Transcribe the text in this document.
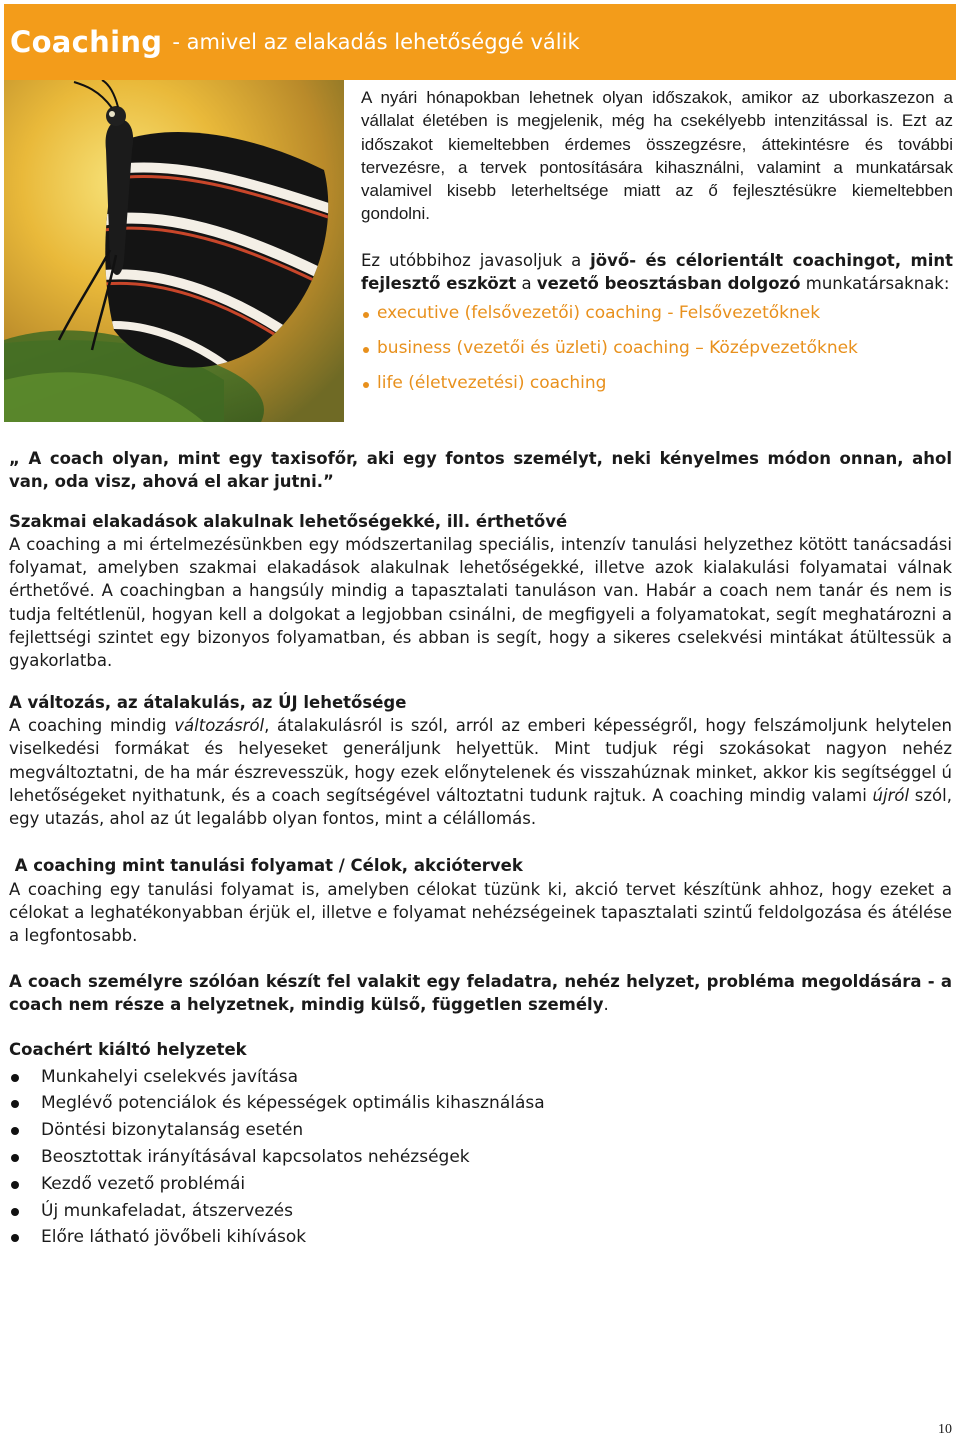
Coaching - amivel az elakadás lehetőséggé válik

A nyári hónapokban lehetnek olyan időszakok, amikor az uborkaszezon a vállalat életében is megjelenik, még ha csekélyebb intenzitással is. Ezt az időszakot kiemeltebben érdemes összegzésre, áttekintésre és további tervezésre, a tervek pontosítására kihasználni, valamint a munkatársak valamivel kisebb leterheltsége miatt az ő fejlesztésükre kiemeltebben gondolni.

Ez utóbbihoz javasoljuk a jövő- és célorientált coachingot, mint fejlesztő eszközt a vezető beosztásban dolgozó munkatársaknak:

executive (felsővezetői) coaching - Felsővezetőknek
business (vezetői és üzleti) coaching – Középvezetőknek
life (életvezetési) coaching

„ A coach olyan, mint egy taxisofőr, aki egy fontos személyt, neki kényelmes módon onnan, ahol van, oda visz, ahová el akar jutni.”

Szakmai elakadások alakulnak lehetőségekké, ill. érthetővé

A coaching a mi értelmezésünkben egy módszertanilag speciális, intenzív tanulási helyzethez kötött tanácsadási folyamat, amelyben szakmai elakadások alakulnak lehetőségekké, illetve azok kialakulási folyamatai válnak érthetővé. A coachingban a hangsúly mindig a tapasztalati tanuláson van. Habár a coach nem tanár és nem is tudja feltétlenül, hogyan kell a dolgokat a legjobban csinálni, de megfigyeli a folyamatokat, segít meghatározni a fejlettségi szintet egy bizonyos folyamatban, és abban is segít, hogy a sikeres cselekvési mintákat átültessük a gyakorlatba.

A változás, az átalakulás, az ÚJ lehetősége

A coaching mindig változásról, átalakulásról is szól, arról az emberi képességről, hogy felszámoljunk helytelen viselkedési formákat és helyeseket generáljunk helyettük. Mint tudjuk régi szokásokat nagyon nehéz megváltoztatni, de ha már észrevesszük, hogy ezek előnytelenek és visszahúznak minket, akkor kis segítséggel ú lehetőségeket nyithatunk, és a coach segítségével változtatni tudunk rajtuk. A coaching mindig valami újról szól, egy utazás, ahol az út legalább olyan fontos, mint a célállomás.

A coaching mint tanulási folyamat / Célok, akciótervek

A coaching egy tanulási folyamat is, amelyben célokat tüzünk ki, akció tervet készítünk ahhoz, hogy ezeket a célokat a leghatékonyabban érjük el, illetve e folyamat nehézségeinek tapasztalati szintű feldolgozása és átélése a legfontosabb.

A coach személyre szólóan készít fel valakit egy feladatra, nehéz helyzet, probléma megoldására - a coach nem része a helyzetnek, mindig külső, független személy.

Coachért kiáltó helyzetek

Munkahelyi cselekvés javítása
Meglévő potenciálok és képességek optimális kihasználása
Döntési bizonytalanság esetén
Beosztottak irányításával kapcsolatos nehézségek
Kezdő vezető problémái
Új munkafeladat, átszervezés
Előre látható jövőbeli kihívások
10
